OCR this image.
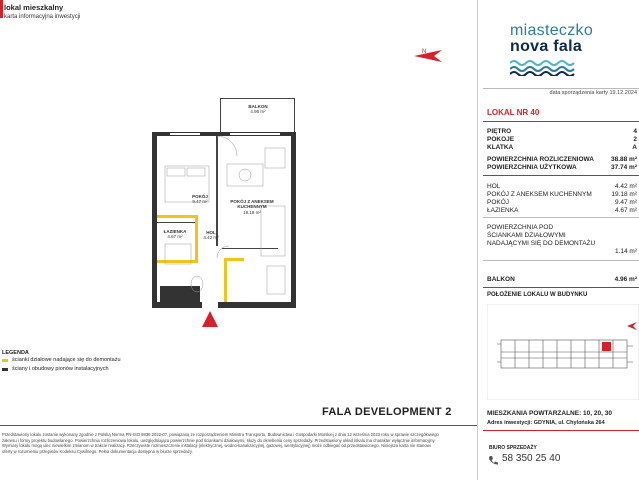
lokal mieszkalny
karta informacyjna inwestycji
N
miasteczko
nova fala
data sporządzenia karty 19.12.2024
LOKAL NR 40
PIĘTRO	4
POKOJE	2
KLATKA	A
POWIERZCHNIA ROZLICZENIOWA	38.88 m²
POWIERZCHNIA UŻYTKOWA	37.74 m²
HOL	4.42 m²
POKÓJ Z ANEKSEM KUCHENNYM	19.18 m²
POKÓJ	9.47 m²
ŁAZIENKA	4.67 m²
POWIERZCHNIA POD
ŚCIANKAMI DZIAŁOWYMI
NADAJĄCYMI SIĘ DO DEMONTAŻU
1.14 m²
BALKON	4.96 m²
POŁOŻENIE LOKALU W BUDYNKU
MIESZKANIA POWTARZALNE: 10, 20, 30
Adres inwestycji: GDYNIA, ul. Chylońska 264
BIURO SPRZEDAŻY
58 350 25 40
BALKON
4.96 m²
POKÓJ
9.47 m²	POKÓJ Z ANEKSEM KUCHENNYM
19.18 m²
ŁAZIENKA
4.67 m²
HOL
4.42 m²
LEGENDA
ścianki działowe nadające się do demontażu
ściany i obudowy pionów instalacyjnych
FALA DEVELOPMENT 2
Przedstawiony lokalu zostanie wykonany zgodnie z Polską Normą PN-ISO 9836:2022-07, powiązaną ze rozporządzeniem Ministra Transportu, Budownictwa i Gospodarki Morskiej z dnia 12 września 2023 roku w sprawie szczegółowego zakresu i formy projektu budowlanego. Powierzchnia rozliczeniowa lokalu, uwzględniająca powierzchnie pod ściankami działowymi, służy do określenia ceny sprzedaży. Przedstawiony układ lokalu ma charakter wyłącznie informacyjny. Wymiary lokalu mogą ulec niewielkim zmianom w trakcie realizacji. Rzeczywiste rozmieszczenie instalacji (elektrycznej, wodno-kanalizacyjnej, gazowej, wentylacyjnej) może odbiegać od przedstawionego. Niniejsza karta nie stanowi oferty w rozumieniu przepisów Kodeksu Cywilnego. Pełna dokumentacja dostępna w biurze sprzedaży.
